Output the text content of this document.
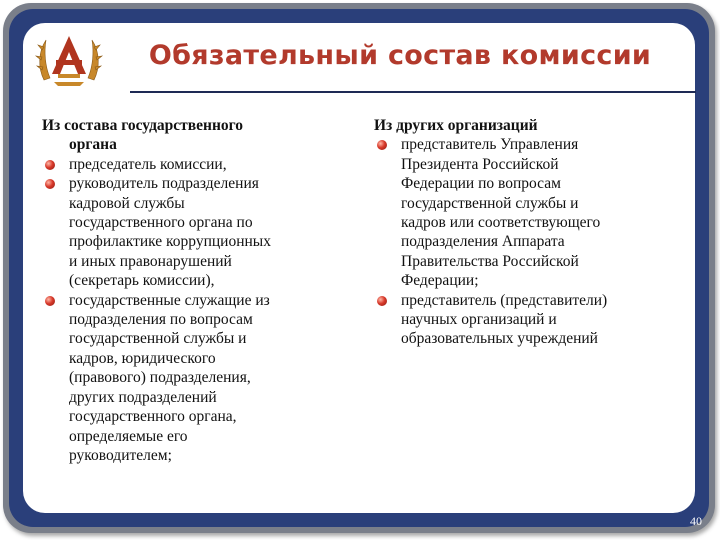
Обязательный состав комиссии
Из состава государственного
органа
председатель комиссии,
руководитель подразделения
кадровой службы
государственного органа по
профилактике коррупционных
и иных правонарушений
(секретарь комиссии),
государственные служащие из
подразделения по вопросам
государственной службы и
кадров, юридического
(правового) подразделения,
других подразделений
государственного органа,
определяемые его
руководителем;
Из других организаций
представитель Управления
Президента Российской
Федерации по вопросам
государственной службы и
кадров или соответствующего
подразделения Аппарата
Правительства Российской
Федерации;
представитель (представители)
научных организаций и
образовательных учреждений
40
